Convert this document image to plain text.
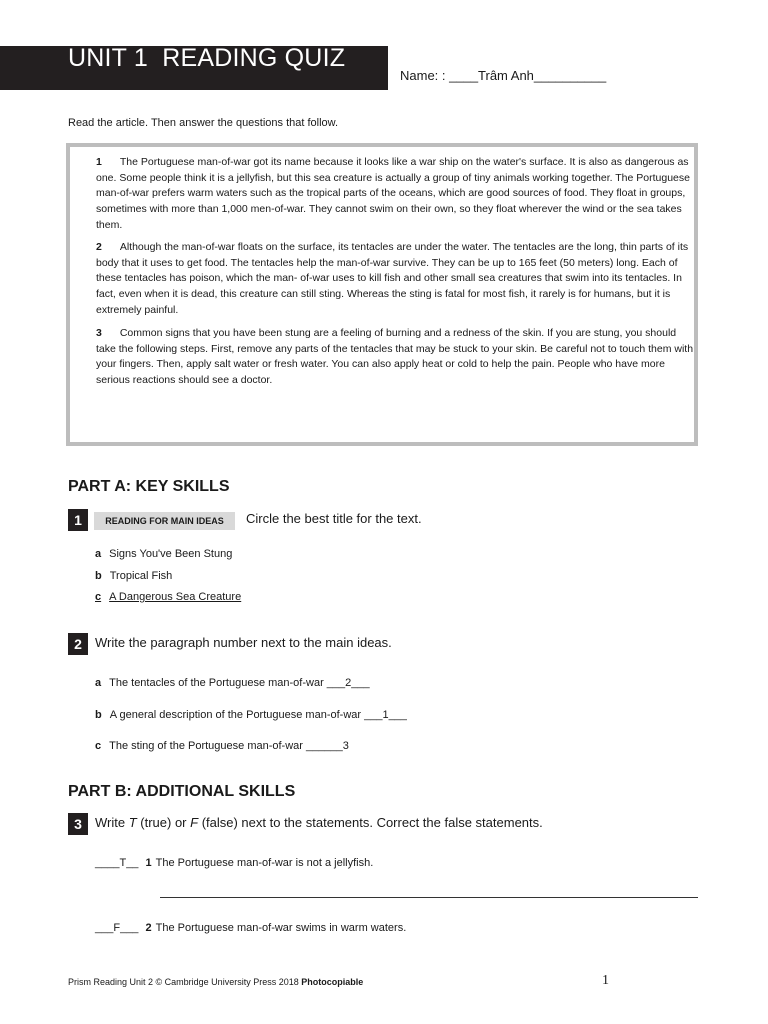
UNIT 1  READING QUIZ
Name: : ____Trâm Anh__________
Read the article. Then answer the questions that follow.
1 The Portuguese man-of-war got its name because it looks like a war ship on the water's surface. It is also as dangerous as one. Some people think it is a jellyfish, but this sea creature is actually a group of tiny animals working together. The Portuguese man-of-war prefers warm waters such as the tropical parts of the oceans, which are good sources of food. They float in groups, sometimes with more than 1,000 men-of-war. They cannot swim on their own, so they float wherever the wind or the sea takes them.
2 Although the man-of-war floats on the surface, its tentacles are under the water. The tentacles are the long, thin parts of its body that it uses to get food. The tentacles help the man-of-war survive. They can be up to 165 feet (50 meters) long. Each of these tentacles has poison, which the man- of-war uses to kill fish and other small sea creatures that swim into its tentacles. In fact, even when it is dead, this creature can still sting. Whereas the sting is fatal for most fish, it rarely is for humans, but it is extremely painful.
3 Common signs that you have been stung are a feeling of burning and a redness of the skin. If you are stung, you should take the following steps. First, remove any parts of the tentacles that may be stuck to your skin. Be careful not to touch them with your fingers. Then, apply salt water or fresh water. You can also apply heat or cold to help the pain. People who have more serious reactions should see a doctor.
PART A: KEY SKILLS
1	READING FOR MAIN IDEAS	Circle the best title for the text.
a Signs You've Been Stung
b Tropical Fish
c A Dangerous Sea Creature
2	Write the paragraph number next to the main ideas.
a The tentacles of the Portuguese man-of-war ___2___
b A general description of the Portuguese man-of-war ___1___
c The sting of the Portuguese man-of-war ______3
PART B: ADDITIONAL SKILLS
3	Write T (true) or F (false) next to the statements. Correct the false statements.
____T__ 1 The Portuguese man-of-war is not a jellyfish.
___F___ 2 The Portuguese man-of-war swims in warm waters.
Prism Reading Unit 2 © Cambridge University Press 2018 Photocopiable	1
